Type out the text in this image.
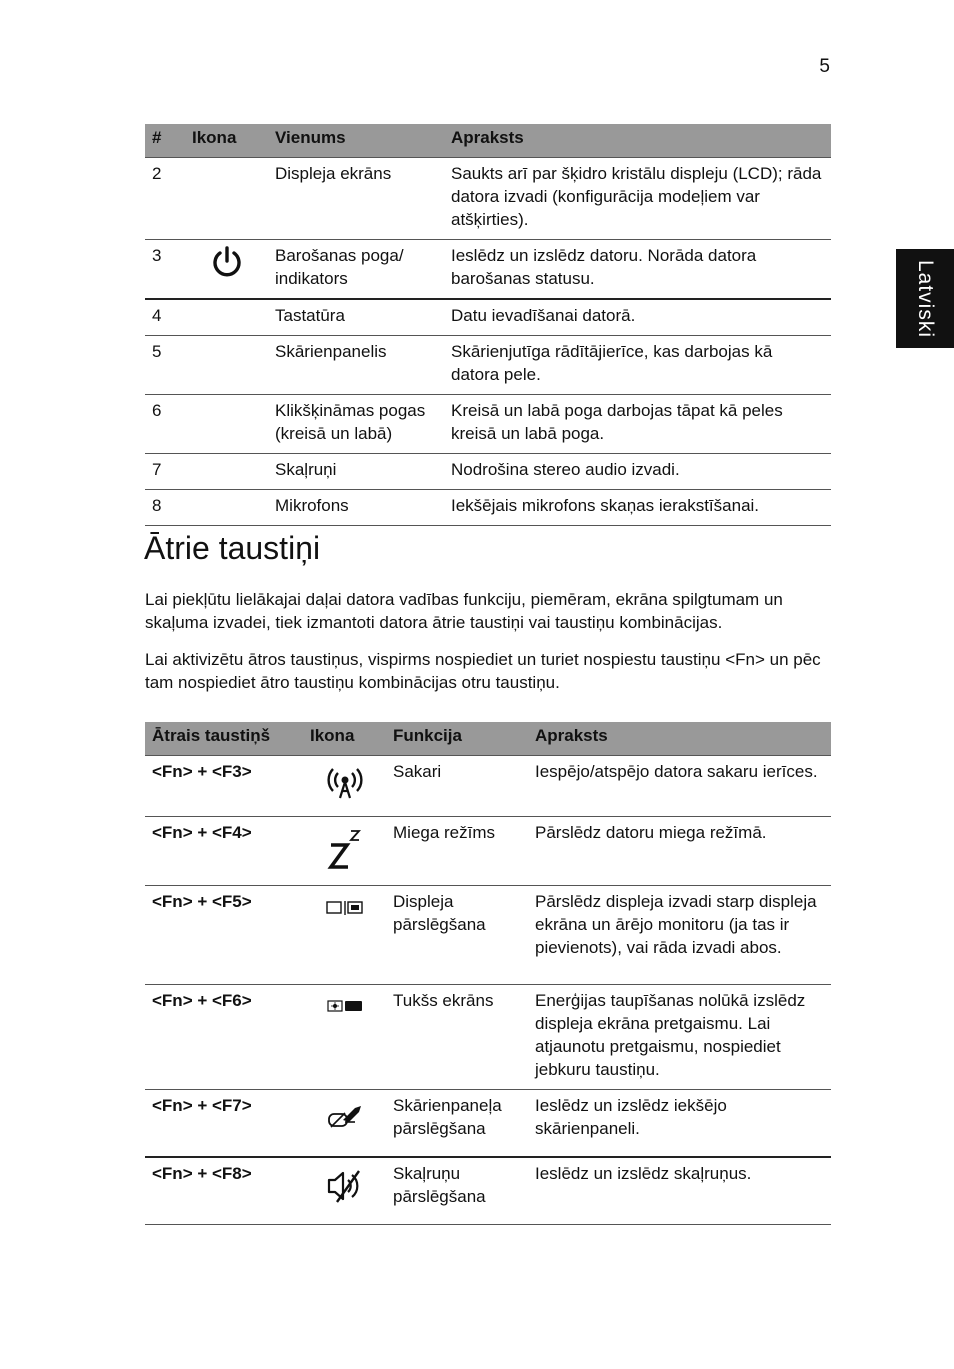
5
Latviski
#	Ikona	Vienums	Apraksts
2		Displeja ekrāns	Saukts arī par šķidro kristālu displeju (LCD); rāda datora izvadi (konfigurācija modeļiem var atšķirties).
3		Barošanas poga/ indikators	Ieslēdz un izslēdz datoru. Norāda datora barošanas statusu.
4		Tastatūra	Datu ievadīšanai datorā.
5		Skārienpanelis	Skārienjutīga rādītājierīce, kas darbojas kā datora pele.
6		Klikšķināmas pogas (kreisā un labā)	Kreisā un labā poga darbojas tāpat kā peles kreisā un labā poga.
7		Skaļruņi	Nodrošina stereo audio izvadi.
8		Mikrofons	Iekšējais mikrofons skaņas ierakstīšanai.
Ātrie taustiņi

Lai piekļūtu lielākajai daļai datora vadības funkciju, piemēram, ekrāna spilgtumam un skaļuma izvadei, tiek izmantoti datora ātrie taustiņi vai taustiņu kombinācijas.

Lai aktivizētu ātros taustiņus, vispirms nospiediet un turiet nospiestu taustiņu <Fn> un pēc tam nospiediet ātro taustiņu kombinācijas otru taustiņu.

Ātrais taustiņš	Ikona	Funkcija	Apraksts
<Fn> + <F3>		Sakari	Iespējo/atspējo datora sakaru ierīces.
<Fn> + <F4>		Miega režīms	Pārslēdz datoru miega režīmā.
<Fn> + <F5>		Displeja pārslēgšana	Pārslēdz displeja izvadi starp displeja ekrāna un ārējo monitoru (ja tas ir pievienots), vai rāda izvadi abos.
<Fn> + <F6>		Tukšs ekrāns	Enerģijas taupīšanas nolūkā izslēdz displeja ekrāna pretgaismu. Lai atjaunotu pretgaismu, nospiediet jebkuru taustiņu.
<Fn> + <F7>		Skārienpaneļa pārslēgšana	Ieslēdz un izslēdz iekšējo skārienpaneli.
<Fn> + <F8>		Skaļruņu pārslēgšana	Ieslēdz un izslēdz skaļruņus.
